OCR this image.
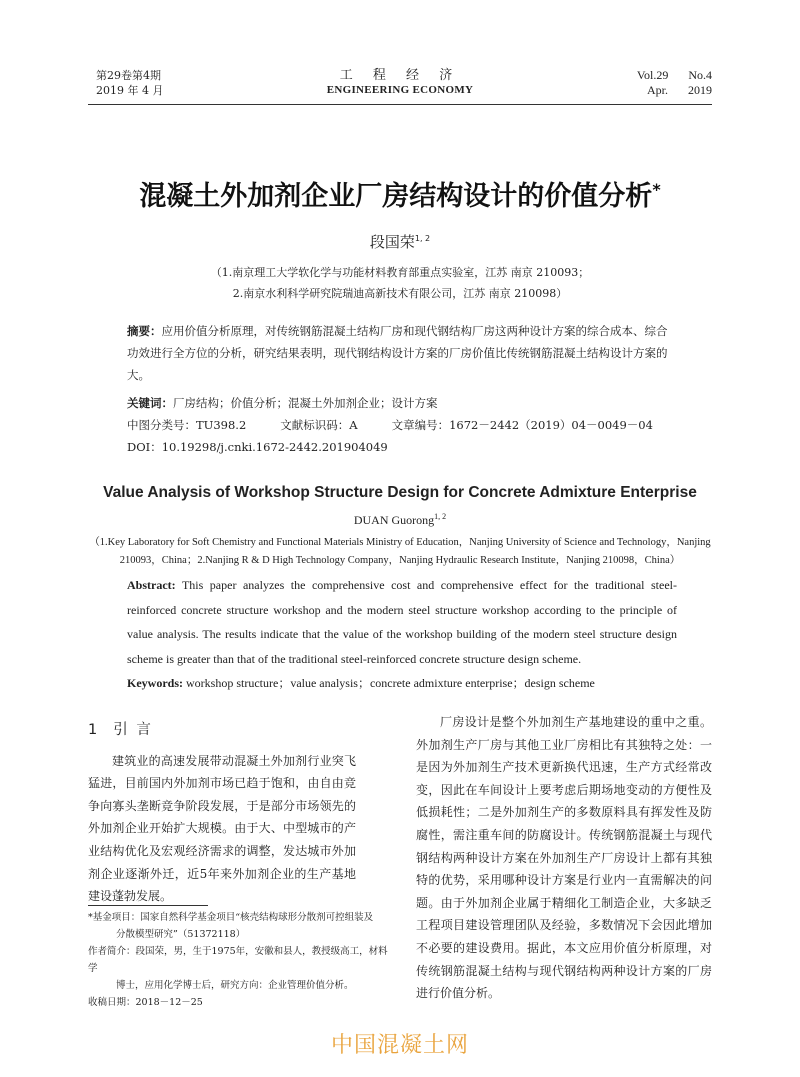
第29卷第4期
2019 年 4 月
工 程 经 济
ENGINEERING ECONOMY
Vol.29 No.4
Apr. 2019
混凝土外加剂企业厂房结构设计的价值分析*
段国荣$^{1, 2}$
（1.南京理工大学软化学与功能材料教育部重点实验室，江苏 南京 210093；
2.南京水利科学研究院瑞迪高新技术有限公司，江苏 南京 210098）

摘要：应用价值分析原理，对传统钢筋混凝土结构厂房和现代钢结构厂房这两种设计方案的综合成本、综合功效进行全方位的分析，研究结果表明，现代钢结构设计方案的厂房价值比传统钢筋混凝土结构设计方案的大。

关键词：厂房结构；价值分析；混凝土外加剂企业；设计方案

中图分类号：TU398.2	文献标识码：A	文章编号：1672－2442（2019）04－0049－04
DOI：10.19298/j.cnki.1672-2442.201904049
Value Analysis of Workshop Structure Design for Concrete Admixture Enterprise
DUAN Guorong$^{1, 2}$
（1.Key Laboratory for Soft Chemistry and Functional Materials Ministry of Education，Nanjing University of Science and Technology，Nanjing
210093，China；2.Nanjing R & D High Technology Company，Nanjing Hydraulic Research Institute，Nanjing 210098，China）

Abstract: This paper analyzes the comprehensive cost and comprehensive effect for the traditional steel-reinforced concrete structure workshop and the modern steel structure workshop according to the principle of value analysis. The results indicate that the value of the workshop building of the modern steel structure design scheme is greater than that of the traditional steel-reinforced concrete structure design scheme.

Keywords: workshop structure；value analysis；concrete admixture enterprise；design scheme

1 引 言

建筑业的高速发展带动混凝土外加剂行业突飞猛进，目前国内外加剂市场已趋于饱和，由自由竞争向寡头垄断竞争阶段发展，于是部分市场领先的外加剂企业开始扩大规模。由于大、中型城市的产业结构优化及宏观经济需求的调整，发达城市外加剂企业逐渐外迁，近5年来外加剂企业的生产基地建设蓬勃发展。

厂房设计是整个外加剂生产基地建设的重中之重。外加剂生产厂房与其他工业厂房相比有其独特之处：一是因为外加剂生产技术更新换代迅速，生产方式经常改变，因此在车间设计上要考虑后期场地变动的方便性及低损耗性；二是外加剂生产的多数原料具有挥发性及防腐性，需注重车间的防腐设计。传统钢筋混凝土与现代钢结构两种设计方案在外加剂生产厂房设计上都有其独特的优势，采用哪种设计方案是行业内一直需解决的问题。由于外加剂企业属于精细化工制造企业，大多缺乏工程项目建设管理团队及经验，多数情况下会因此增加不必要的建设费用。据此，本文应用价值分析原理，对传统钢筋混凝土结构与现代钢结构两种设计方案的厂房进行价值分析。

*基金项目：国家自然科学基金项目“核壳结构球形分散剂可控组装及

分散模型研究”（51372118）

作者简介：段国荣，男，生于1975年，安徽和县人，教授级高工，材料学

博士，应用化学博士后，研究方向：企业管理价值分析。

收稿日期：2018－12－25

中国混凝土网
